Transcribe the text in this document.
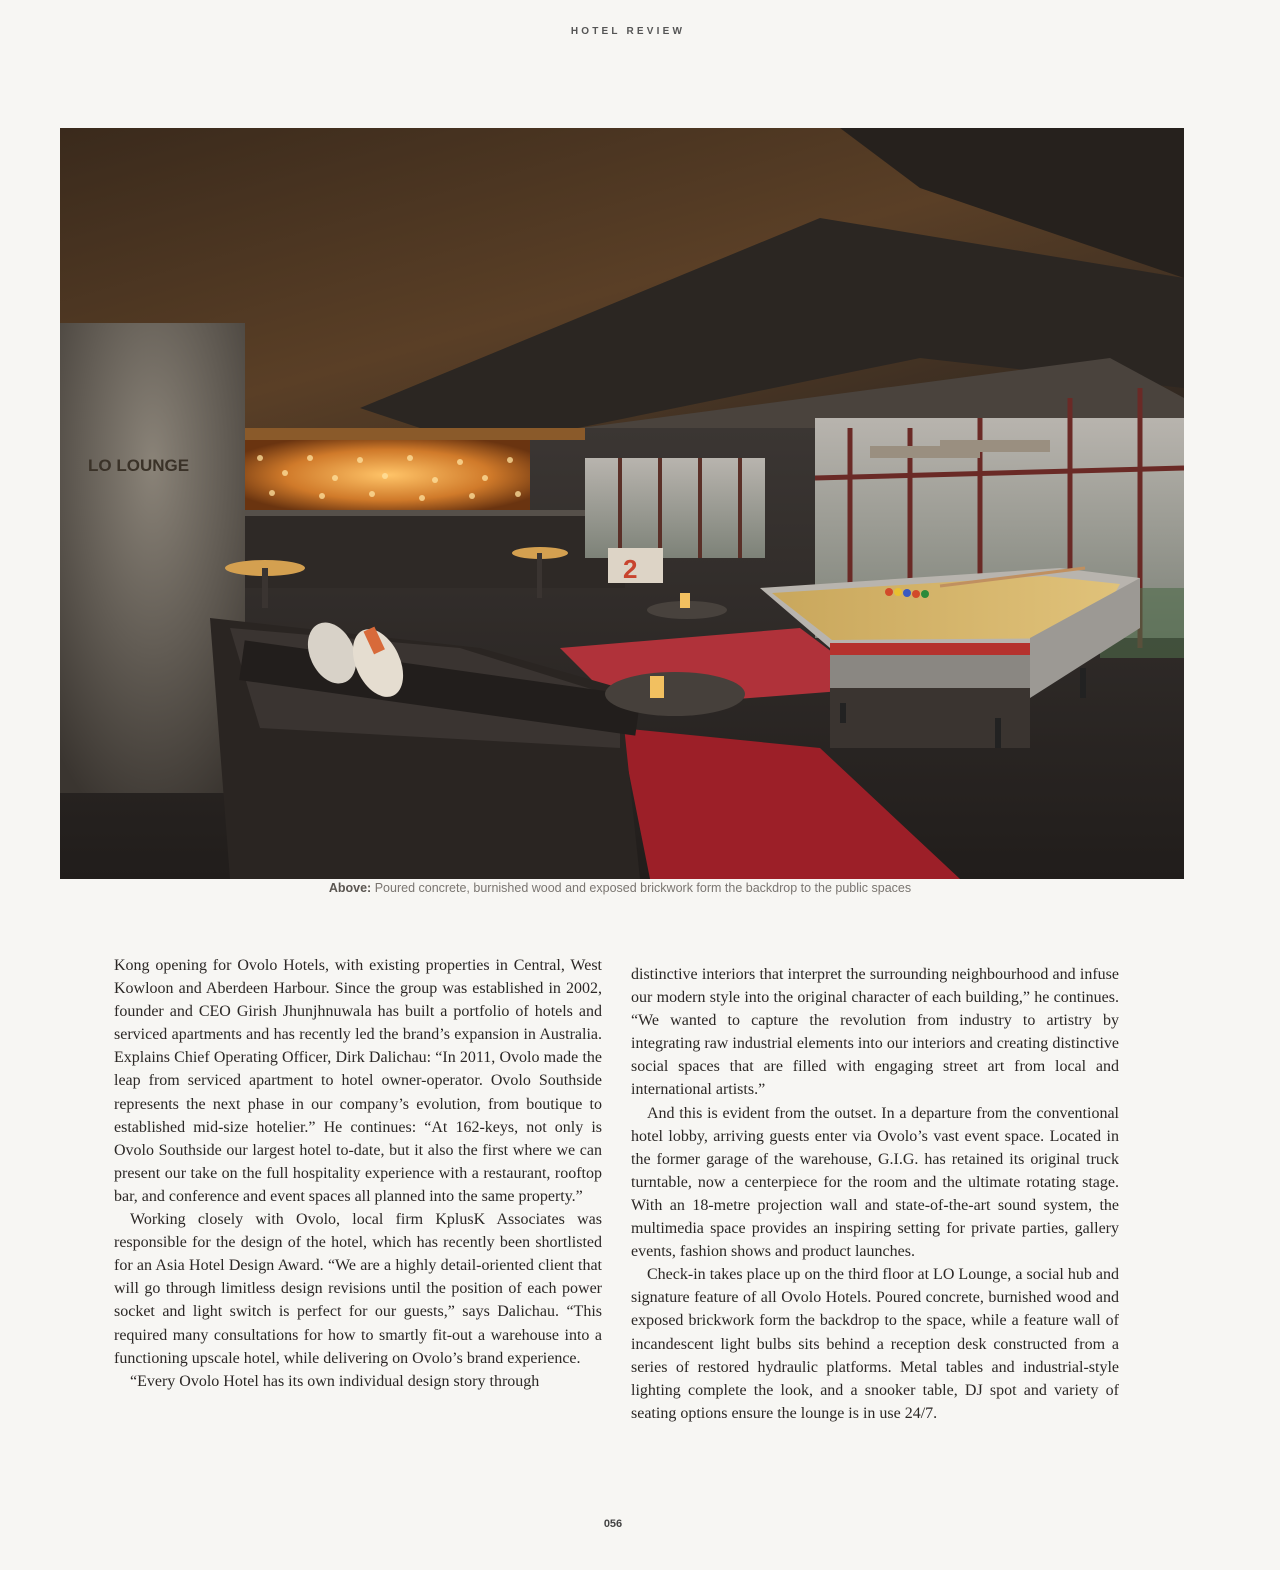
HOTEL REVIEW
LO LOUNGE
2
Above: Poured concrete, burnished wood and exposed brickwork form the backdrop to the public spaces

Kong opening for Ovolo Hotels, with existing properties in Central, West Kowloon and Aberdeen Harbour. Since the group was established in 2002, founder and CEO Girish Jhunjhnuwala has built a portfolio of hotels and serviced apartments and has recently led the brand’s expansion in Australia. Explains Chief Operating Officer, Dirk Dalichau: “In 2011, Ovolo made the leap from serviced apartment to hotel owner-operator. Ovolo Southside represents the next phase in our company’s evolution, from boutique to established mid-size hotelier.” He continues: “At 162-keys, not only is Ovolo Southside our largest hotel to-date, but it also the first where we can present our take on the full hospitality experience with a restaurant, rooftop bar, and conference and event spaces all planned into the same property.”

Working closely with Ovolo, local firm KplusK Associates was responsible for the design of the hotel, which has recently been shortlisted for an Asia Hotel Design Award. “We are a highly detail-oriented client that will go through limitless design revisions until the position of each power socket and light switch is perfect for our guests,” says Dalichau. “This required many consultations for how to smartly fit-out a warehouse into a functioning upscale hotel, while delivering on Ovolo’s brand experience.

“Every Ovolo Hotel has its own individual design story through

distinctive interiors that interpret the surrounding neighbourhood and infuse our modern style into the original character of each building,” he continues. “We wanted to capture the revolution from industry to artistry by integrating raw industrial elements into our interiors and creating distinctive social spaces that are filled with engaging street art from local and international artists.”

And this is evident from the outset. In a departure from the conventional hotel lobby, arriving guests enter via Ovolo’s vast event space. Located in the former garage of the warehouse, G.I.G. has retained its original truck turntable, now a centerpiece for the room and the ultimate rotating stage. With an 18-metre projection wall and state-of-the-art sound system, the multimedia space provides an inspiring setting for private parties, gallery events, fashion shows and product launches.

Check-in takes place up on the third floor at LO Lounge, a social hub and signature feature of all Ovolo Hotels. Poured concrete, burnished wood and exposed brickwork form the backdrop to the space, while a feature wall of incandescent light bulbs sits behind a reception desk constructed from a series of restored hydraulic platforms. Metal tables and industrial-style lighting complete the look, and a snooker table, DJ spot and variety of seating options ensure the lounge is in use 24/7.

056
